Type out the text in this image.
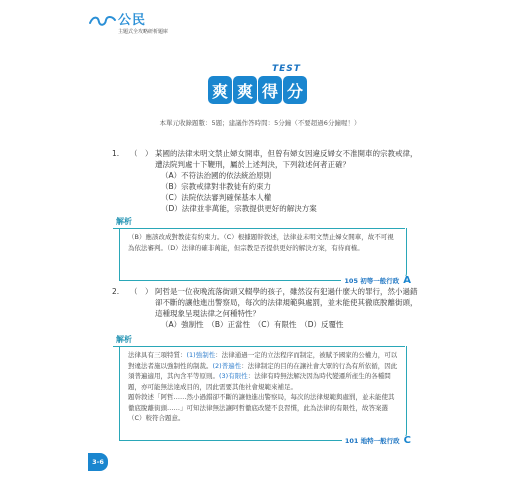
公民
主題式全攻略研析題庫
TEST
爽 爽 得 分
本單元收錄題數：5題；建議作答時間：5分鐘（不要超過6分鐘喔！）
1. （　） 某國的法律未明文禁止婦女開車，但曾有婦女因違反婦女不准開車的宗教戒律，遭法院判處十下鞭刑，屬於上述判決，下列敘述何者正確？
（A）不符法治國的依法統治原則
（B）宗教戒律對非教徒有約束力
（C）法院依法審判確保基本人權
（D）法律並非萬能，宗教提供更好的解決方案
解析
（B）應該改成對教徒有約束力。（C）根據題幹敘述，法律並未明文禁止婦女開車，故不可視為依法審判。（D）法律的確非萬能，但宗教是否提供更好的解決方案，有待商榷。
105 初等一般行政 A
2. （　） 阿哲是一位夜晚流落街頭又輟學的孩子，雖然沒有犯過什麼大的罪行，然小過錯卻不斷的讓他進出警察局，每次的法律規範與處罰，並未能使其徹底脫離街頭，這種現象呈現法律之何種特性？
（A）強制性　（B）正當性　（C）有限性　（D）反覆性
解析
法律具有三項特質：(1)強制性：法律通過一定的立法程序而制定，被賦予國家的公權力，可以對違法者施以強制性的制裁。(2)普遍性：法律制定的目的在讓社會大眾的行為有所依循，因此須普遍適用，其內含平等原則。(3)有限性：法律有時無法解決因為時代變遷所產生的各種問題，亦可能無法達成目的，因此需要其他社會規範來補足。
題幹敘述「阿哲……然小過錯卻不斷的讓他進出警察局，每次的法律規範與處罰，並未能使其徹底脫離街頭……」可知法律無法讓阿哲徹底改變不良習慣，此為法律的有限性，故答案選（C）較符合題意。
101 地特一般行政 C
3-6
